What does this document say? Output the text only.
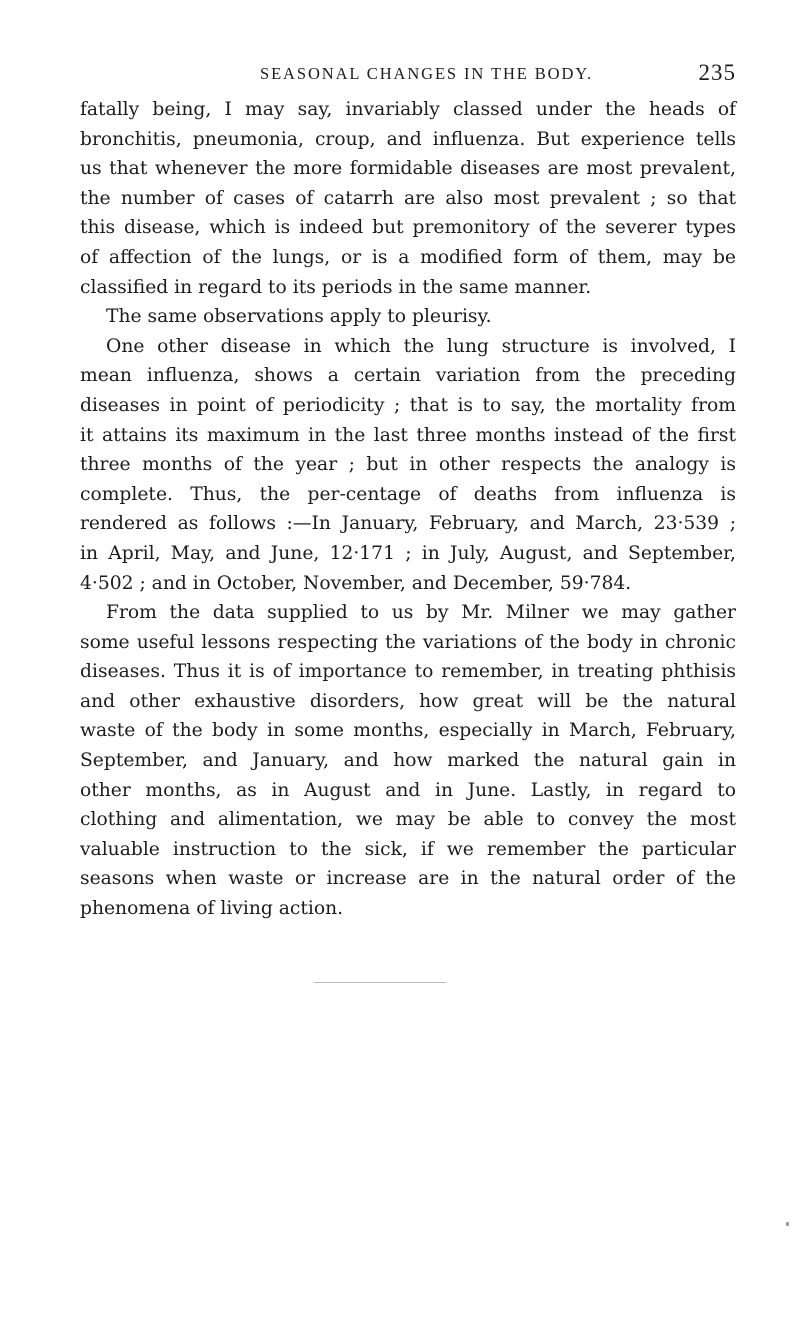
SEASONAL CHANGES IN THE BODY.	235
fatally being, I may say, invariably classed under the heads of
bronchitis, pneumonia, croup, and influenza. But experience tells
us that whenever the more formidable diseases are most prevalent,
the number of cases of catarrh are also most prevalent ; so that
this disease, which is indeed but premonitory of the severer types
of affection of the lungs, or is a modified form of them, may be
classified in regard to its periods in the same manner.
The same observations apply to pleurisy.
One other disease in which the lung structure is involved, I
mean influenza, shows a certain variation from the preceding
diseases in point of periodicity ; that is to say, the mortality from
it attains its maximum in the last three months instead of the first
three months of the year ; but in other respects the analogy is
complete. Thus, the per-centage of deaths from influenza is
rendered as follows :—In January, February, and March, 23·539 ;
in April, May, and June, 12·171 ; in July, August, and September,
4·502 ; and in October, November, and December, 59·784.
From the data supplied to us by Mr. Milner we may gather
some useful lessons respecting the variations of the body in chronic
diseases. Thus it is of importance to remember, in treating phthisis
and other exhaustive disorders, how great will be the natural
waste of the body in some months, especially in March, February,
September, and January, and how marked the natural gain in
other months, as in August and in June. Lastly, in regard to
clothing and alimentation, we may be able to convey the most
valuable instruction to the sick, if we remember the particular
seasons when waste or increase are in the natural order of the
phenomena of living action.
